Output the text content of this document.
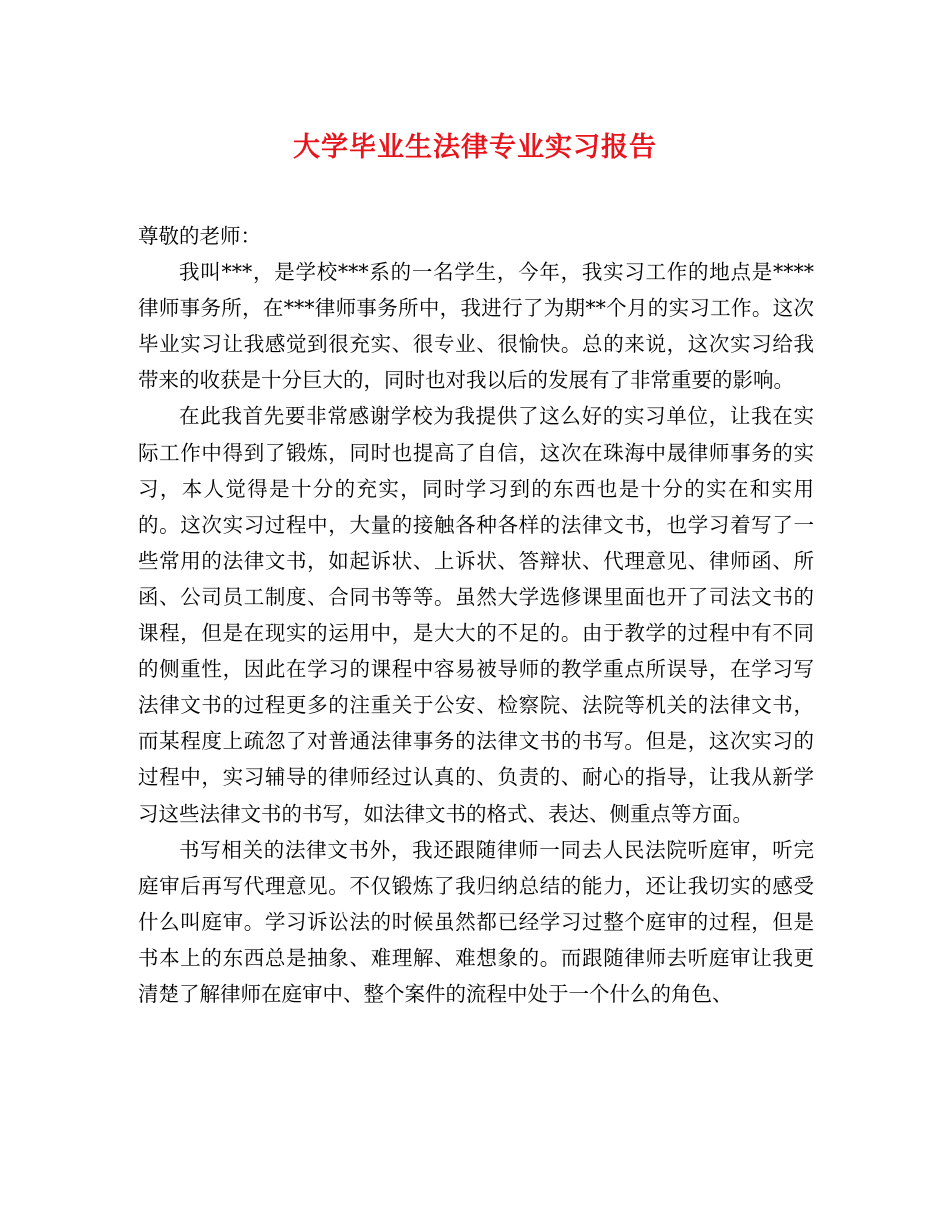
大学毕业生法律专业实习报告

尊敬的老师：

我叫***，是学校***系的一名学生，今年，我实习工作的地点是****律师事务所，在***律师事务所中，我进行了为期**个月的实习工作。这次毕业实习让我感觉到很充实、很专业、很愉快。总的来说，这次实习给我带来的收获是十分巨大的，同时也对我以后的发展有了非常重要的影响。

在此我首先要非常感谢学校为我提供了这么好的实习单位，让我在实际工作中得到了锻炼，同时也提高了自信，这次在珠海中晟律师事务的实习，本人觉得是十分的充实，同时学习到的东西也是十分的实在和实用的。这次实习过程中，大量的接触各种各样的法律文书，也学习着写了一些常用的法律文书，如起诉状、上诉状、答辩状、代理意见、律师函、所函、公司员工制度、合同书等等。虽然大学选修课里面也开了司法文书的课程，但是在现实的运用中，是大大的不足的。由于教学的过程中有不同的侧重性，因此在学习的课程中容易被导师的教学重点所误导，在学习写法律文书的过程更多的注重关于公安、检察院、法院等机关的法律文书，而某程度上疏忽了对普通法律事务的法律文书的书写。但是，这次实习的过程中，实习辅导的律师经过认真的、负责的、耐心的指导，让我从新学习这些法律文书的书写，如法律文书的格式、表达、侧重点等方面。

书写相关的法律文书外，我还跟随律师一同去人民法院听庭审，听完庭审后再写代理意见。不仅锻炼了我归纳总结的能力，还让我切实的感受什么叫庭审。学习诉讼法的时候虽然都已经学习过整个庭审的过程，但是书本上的东西总是抽象、难理解、难想象的。而跟随律师去听庭审让我更清楚了解律师在庭审中、整个案件的流程中处于一个什么的角色、
